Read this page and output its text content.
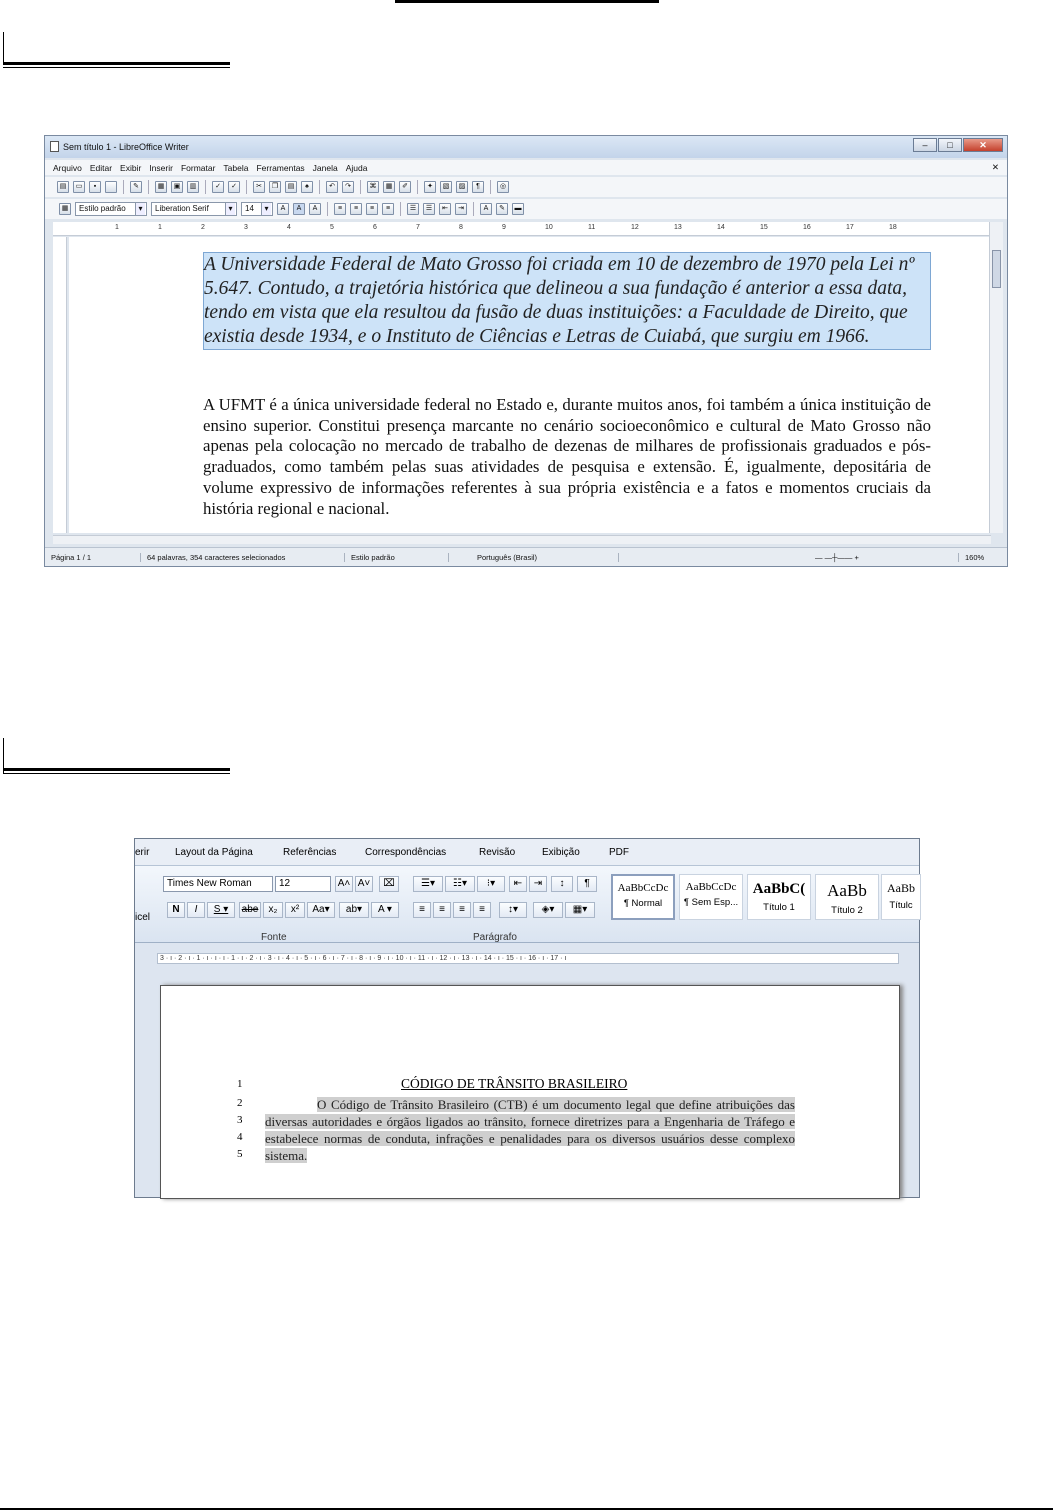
Sem título 1 - LibreOffice Writer	–	□	✕
Arquivo Editar Exibir Inserir Formatar Tabela Ferramentas Janela Ajuda	✕
▤	▭	▪	✎	▦	▣	▥	✓	✓	✂	❐	▤	♠	↶	↷	⌘	▦	✐	✦	▧	▨	¶	◎
▦	Estilo padrão ▾	Liberation Serif ▾	14 ▾	A	A	A	≡	≡	≡	≡	☰	☰	⇤	⇥	A	✎	▬
1	1	2	3	4	5	6	7	8	9	10	11	12	13	14	15	16	17	18
A Universidade Federal de Mato Grosso foi criada em 10 de dezembro de 1970 pela Lei nº 5.647. Contudo, a trajetória histórica que delineou a sua fundação é anterior a essa data, tendo em vista que ela resultou da fusão de duas instituições: a Faculdade de Direito, que existia desde 1934, e o Instituto de Ciências e Letras de Cuiabá, que surgiu em 1966.
A UFMT é a única universidade federal no Estado e, durante muitos anos, foi também a única instituição de ensino superior. Constitui presença marcante no cenário socioeconômico e cultural de Mato Grosso não apenas pela colocação no mercado de trabalho de dezenas de milhares de profissionais graduados e pós-graduados, como também pelas suas atividades de pesquisa e extensão. É, igualmente, depositária de volume expressivo de informações referentes à sua própria existência e a fatos e momentos cruciais da história regional e nacional.
Página 1 / 1	64 palavras, 354 caracteres selecionados	Estilo padrão	Português (Brasil)	— —┼—— +	160%
erir	Layout da Página	Referências	Correspondências	Revisão	Exibição	PDF
icel
Times New Roman	12	A˄ A˅	⌧
N	I	S ▾	abe	x₂	x²	Aa▾	ab▾	A ▾
Fonte
☰▾	☷▾	⁝▾	⇤	⇥	↕	¶
≡	≡	≡	≡	↕▾	◈▾	▦▾
Parágrafo
AaBbCcDc
¶ Normal
AaBbCcDc
¶ Sem Esp...
AaBbC(
Título 1
AaBb
Título 2
AaBb
Títulc
3 · ı · 2 · ı · 1 · ı · ı · ı · 1 · ı · 2 · ı · 3 · ı · 4 · ı · 5 · ı · 6 · ı · 7 · ı · 8 · ı · 9 · ı · 10 · ı · 11 · ı · 12 · ı · 13 · ı · 14 · ı · 15 · ı · 16 · ı · 17 · ı
1
2
3
4
5
CÓDIGO DE TRÂNSITO BRASILEIRO
O Código de Trânsito Brasileiro (CTB) é um documento legal que define atribuições das diversas autoridades e órgãos ligados ao trânsito, fornece diretrizes para a Engenharia de Tráfego e estabelece normas de conduta, infrações e penalidades para os diversos usuários desse complexo sistema.
